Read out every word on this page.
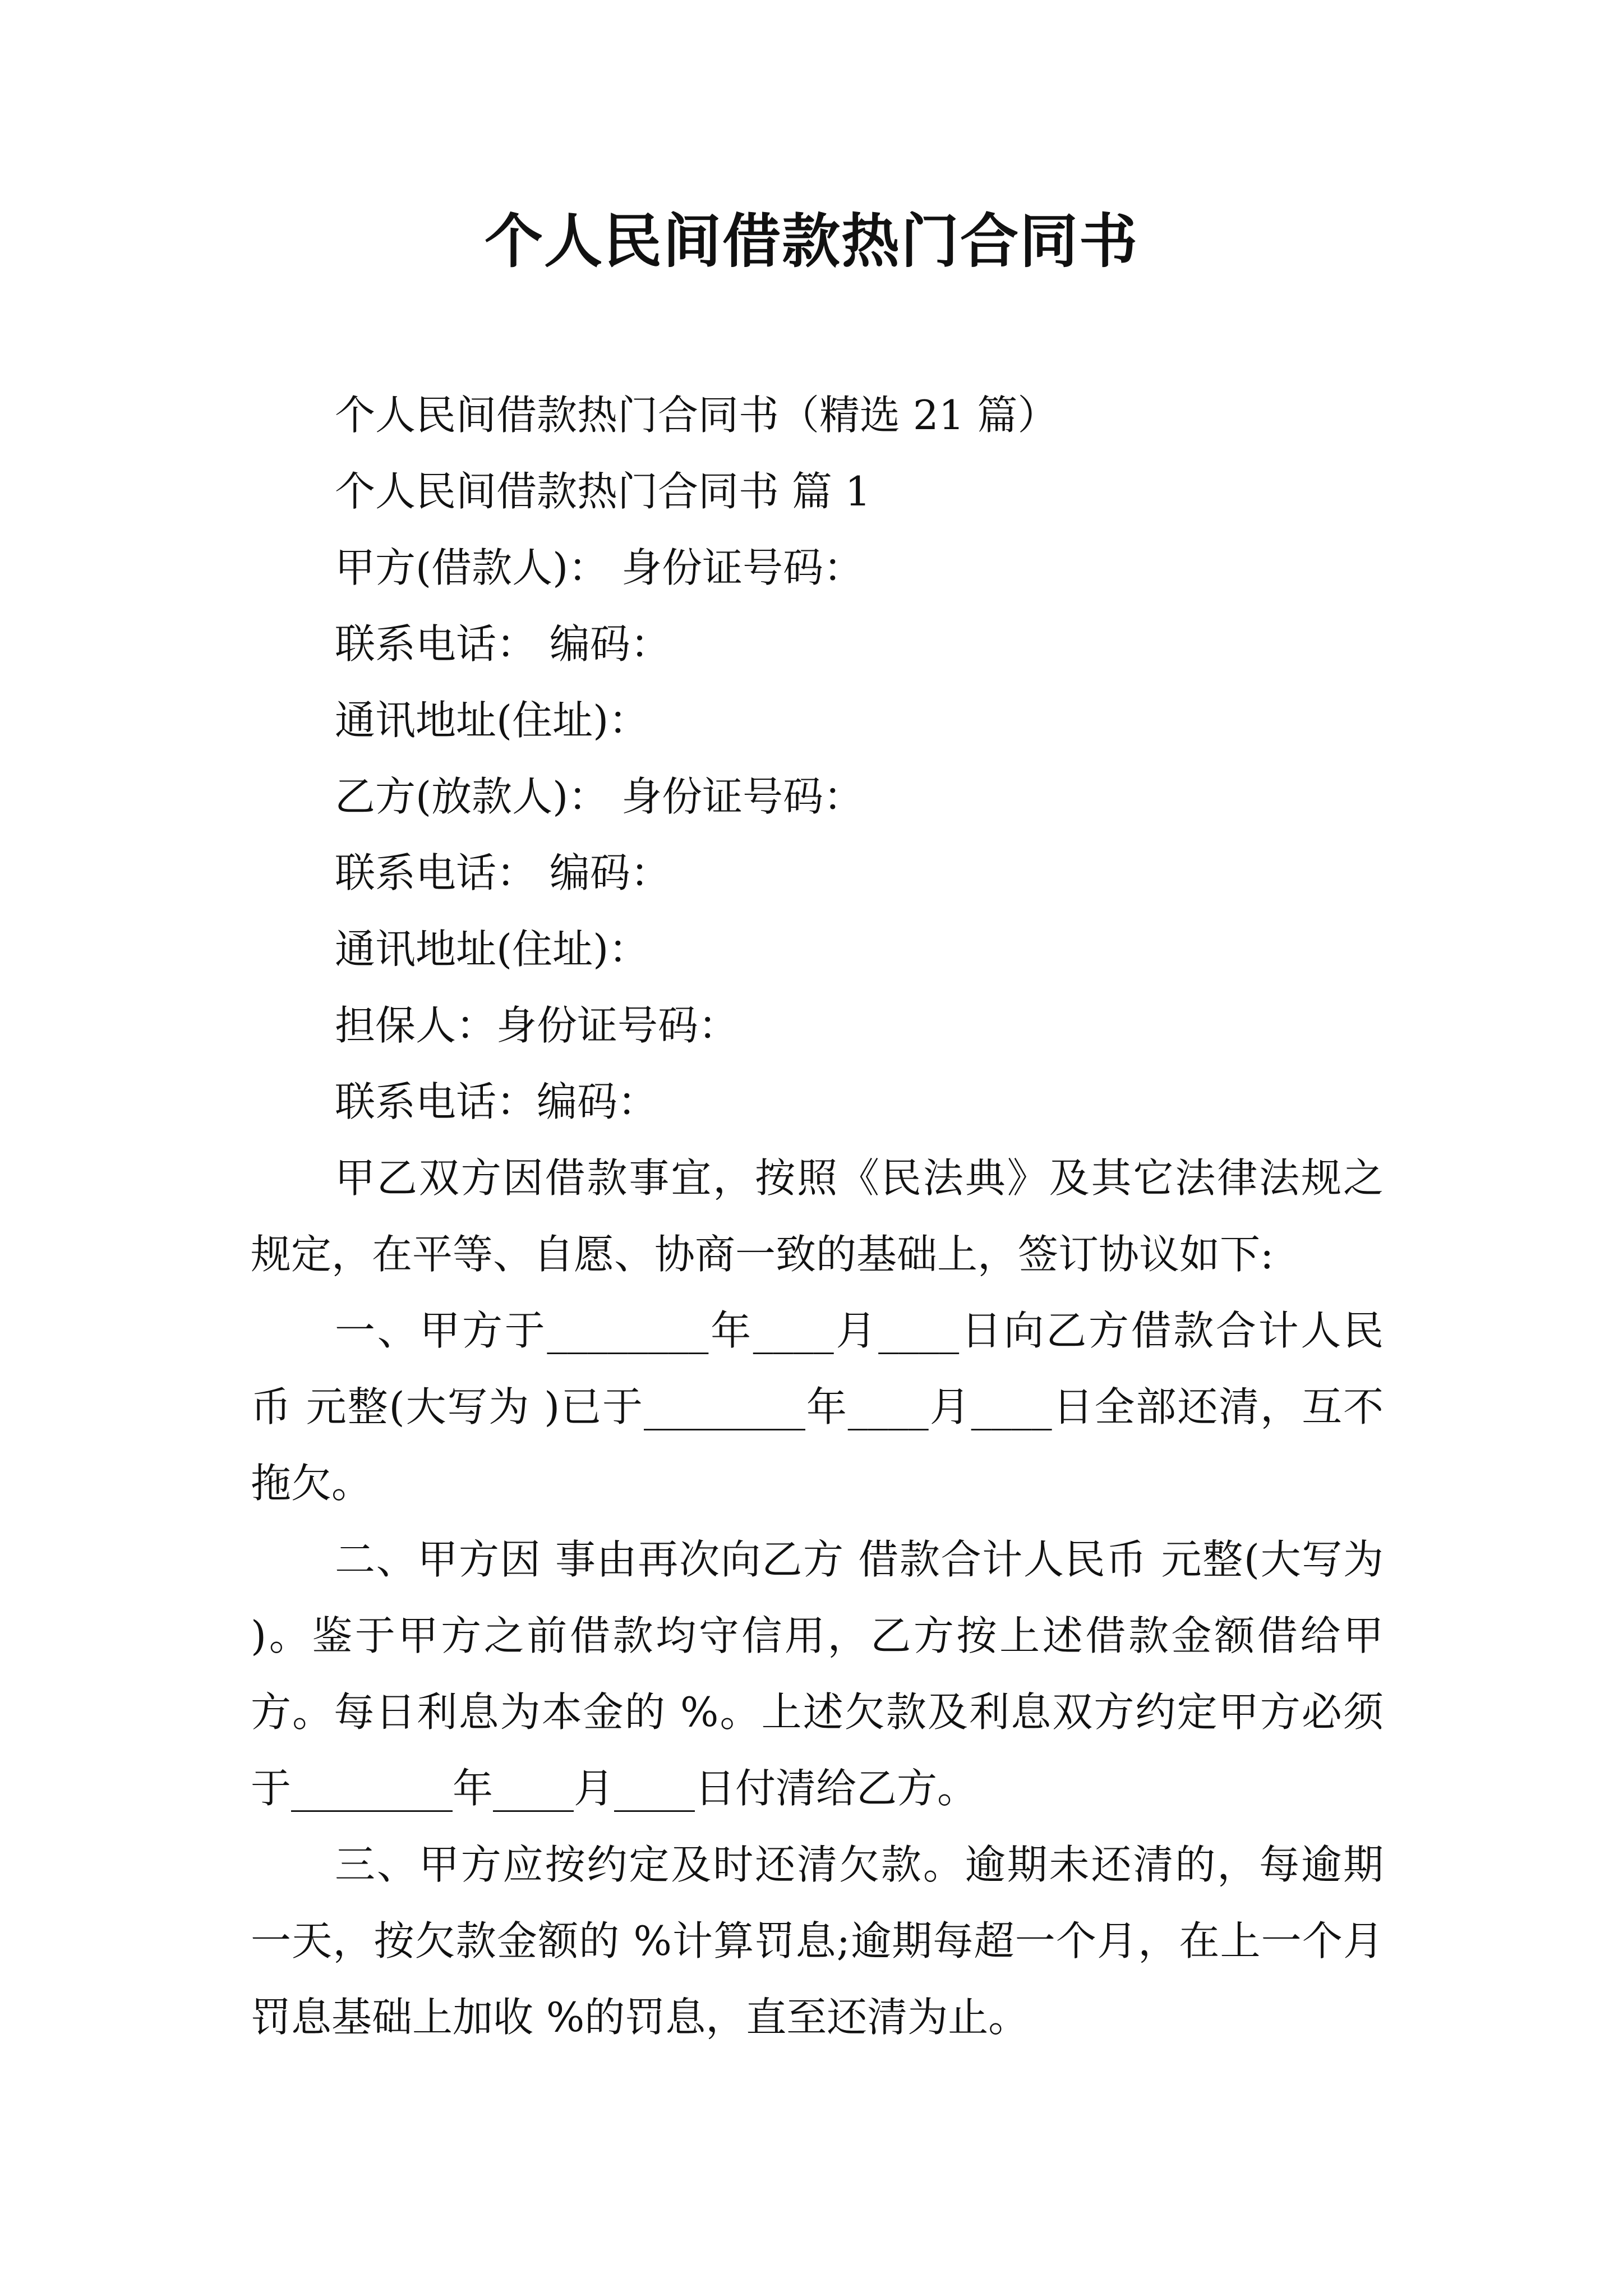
个人民间借款热门合同书
个人民间借款热门合同书（精选 21 篇）
个人民间借款热门合同书 篇 1
甲方(借款人)： 身份证号码：
联系电话： 编码：
通讯地址(住址)：
乙方(放款人)： 身份证号码：
联系电话： 编码：
通讯地址(住址)：
担保人：身份证号码：
联系电话：编码：

甲乙双方因借款事宜，按照《民法典》及其它法律法规之规定，在平等、自愿、协商一致的基础上，签订协议如下:

一、甲方于________年____月____日向乙方借款合计人民币 元整(大写为 )已于________年____月____日全部还清，互不拖欠。

二、甲方因 事由再次向乙方 借款合计人民币 元整(大写为 )。鉴于甲方之前借款均守信用，乙方按上述借款金额借给甲方。每日利息为本金的 %。上述欠款及利息双方约定甲方必须于________年____月____日付清给乙方。

三、甲方应按约定及时还清欠款。逾期未还清的，每逾期一天，按欠款金额的 %计算罚息;逾期每超一个月，在上一个月罚息基础上加收 %的罚息，直至还清为止。
